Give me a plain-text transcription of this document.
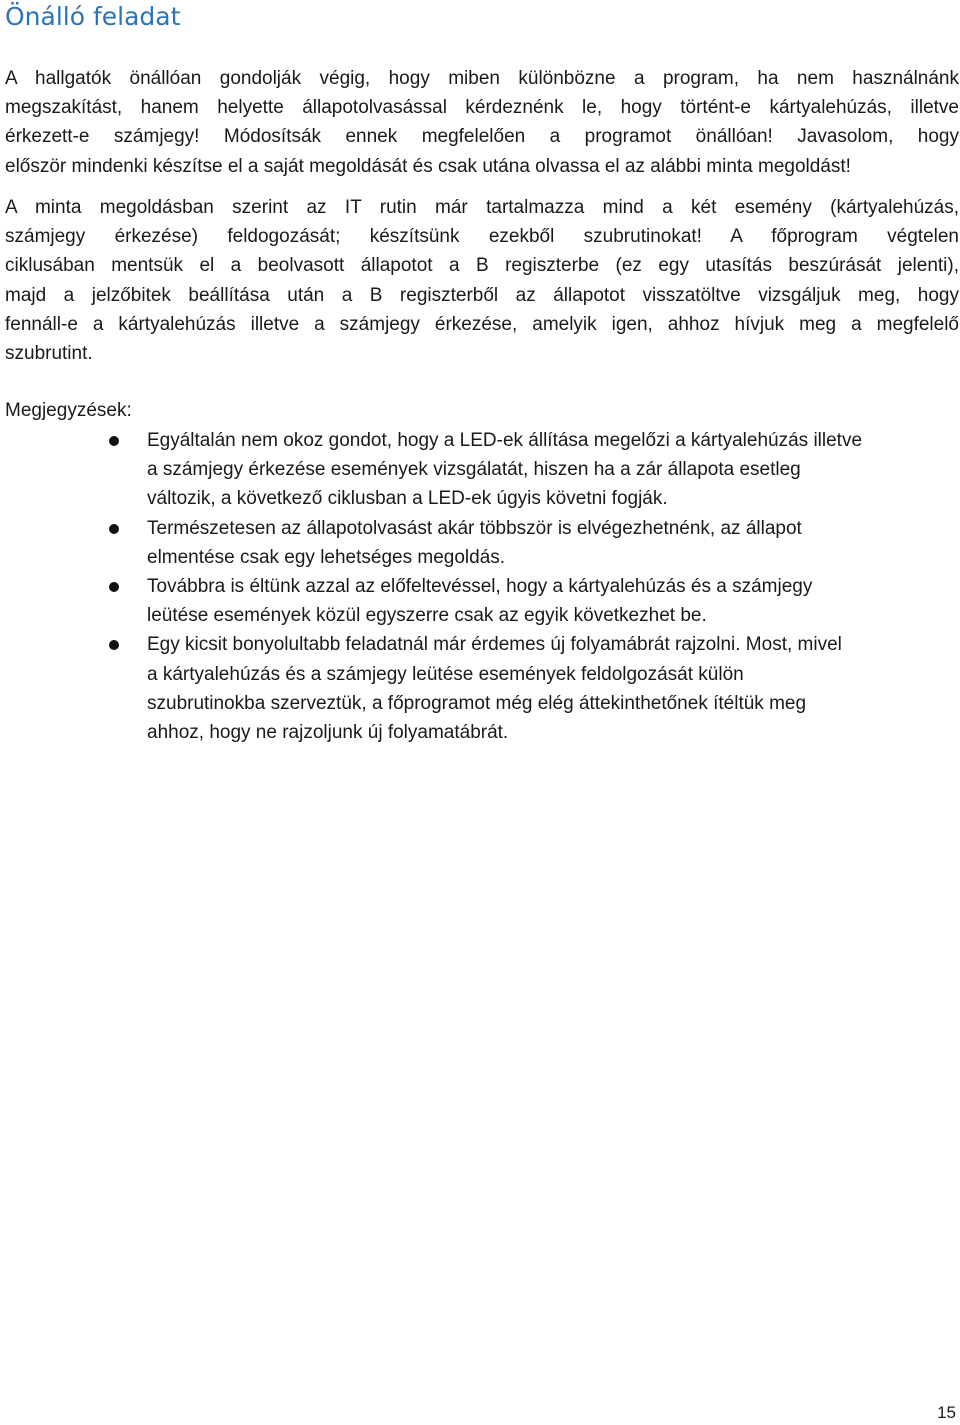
Önálló feladat

A hallgatók önállóan gondolják végig, hogy miben különbözne a program, ha nem használnánk
megszakítást, hanem helyette állapotolvasással kérdeznénk le, hogy történt-e kártyalehúzás, illetve
érkezett-e számjegy! Módosítsák ennek megfelelően a programot önállóan! Javasolom, hogy
először mindenki készítse el a saját megoldását és csak utána olvassa el az alábbi minta megoldást!

A minta megoldásban szerint az IT rutin már tartalmazza mind a két esemény (kártyalehúzás,
számjegy érkezése) feldogozását; készítsünk ezekből szubrutinokat! A főprogram végtelen
ciklusában mentsük el a beolvasott állapotot a B regiszterbe (ez egy utasítás beszúrását jelenti),
majd a jelzőbitek beállítása után a B regiszterből az állapotot visszatöltve vizsgáljuk meg, hogy
fennáll-e a kártyalehúzás illetve a számjegy érkezése, amelyik igen, ahhoz hívjuk meg a megfelelő
szubrutint.

Megjegyzések:

Egyáltalán nem okoz gondot, hogy a LED-ek állítása megelőzi a kártyalehúzás illetve
a számjegy érkezése események vizsgálatát, hiszen ha a zár állapota esetleg
változik, a következő ciklusban a LED-ek úgyis követni fogják.
Természetesen az állapotolvasást akár többször is elvégezhetnénk, az állapot
elmentése csak egy lehetséges megoldás.
Továbbra is éltünk azzal az előfeltevéssel, hogy a kártyalehúzás és a számjegy
leütése események közül egyszerre csak az egyik következhet be.
Egy kicsit bonyolultabb feladatnál már érdemes új folyamábrát rajzolni. Most, mivel
a kártyalehúzás és a számjegy leütése események feldolgozását külön
szubrutinokba szerveztük, a főprogramot még elég áttekinthetőnek ítéltük meg
ahhoz, hogy ne rajzoljunk új folyamatábrát.
15
